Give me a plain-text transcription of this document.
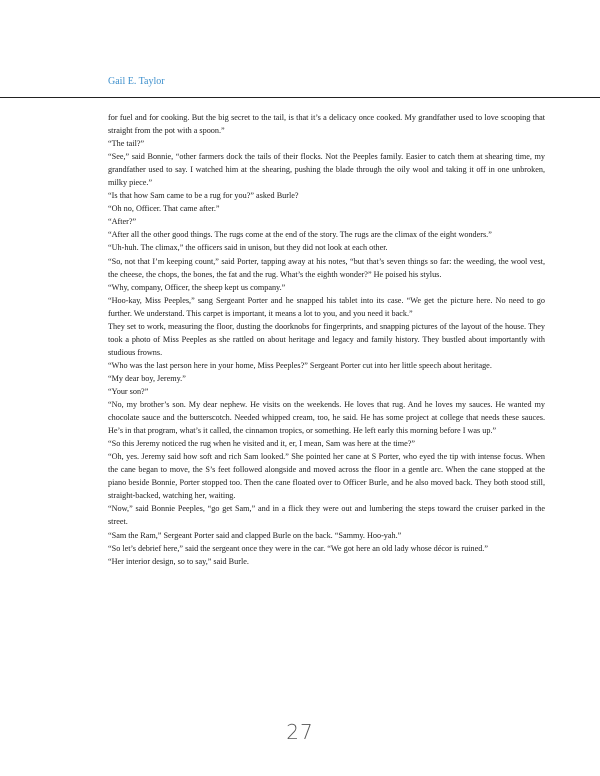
Gail E. Taylor

for fuel and for cooking. But the big secret to the tail, is that it’s a delicacy once cooked. My grandfather used to love scooping that straight from the pot with a spoon.”

“The tail?”

“See,” said Bonnie, “other farmers dock the tails of their flocks. Not the Peeples family. Easier to catch them at shearing time, my grandfather used to say. I watched him at the shearing, pushing the blade through the oily wool and taking it off in one unbroken, milky piece.”

“Is that how Sam came to be a rug for you?” asked Burle?

“Oh no, Officer. That came after.”

“After?”

“After all the other good things. The rugs come at the end of the story. The rugs are the climax of the eight wonders.”

“Uh-huh. The climax,” the officers said in unison, but they did not look at each other.

“So, not that I’m keeping count,” said Porter, tapping away at his notes, “but that’s seven things so far: the weeding, the wool vest, the cheese, the chops, the bones, the fat and the rug. What’s the eighth wonder?” He poised his stylus.

“Why, company, Officer, the sheep kept us company.”

“Hoo-kay, Miss Peeples,” sang Sergeant Porter and he snapped his tablet into its case. “We get the picture here. No need to go further. We understand. This carpet is important, it means a lot to you, and you need it back.”

They set to work, measuring the floor, dusting the doorknobs for fingerprints, and snapping pictures of the layout of the house. They took a photo of Miss Peeples as she rattled on about heritage and legacy and family history. They bustled about importantly with studious frowns.

“Who was the last person here in your home, Miss Peeples?” Sergeant Porter cut into her little speech about heritage.

“My dear boy, Jeremy.”

“Your son?”

“No, my brother’s son. My dear nephew. He visits on the weekends. He loves that rug. And he loves my sauces. He wanted my chocolate sauce and the butterscotch. Needed whipped cream, too, he said. He has some project at college that needs these sauces. He’s in that program, what’s it called, the cinnamon tropics, or something. He left early this morning before I was up.”

“So this Jeremy noticed the rug when he visited and it, er, I mean, Sam was here at the time?”

“Oh, yes. Jeremy said how soft and rich Sam looked.” She pointed her cane at S Porter, who eyed the tip with intense focus. When the cane began to move, the S’s feet followed alongside and moved across the floor in a gentle arc. When the cane stopped at the piano beside Bonnie, Porter stopped too. Then the cane floated over to Officer Burle, and he also moved back. They both stood still, straight-backed, watching her, waiting.

“Now,” said Bonnie Peeples, “go get Sam,” and in a flick they were out and lumbering the steps toward the cruiser parked in the street.

“Sam the Ram,” Sergeant Porter said and clapped Burle on the back. “Sammy. Hoo-yah.”

“So let’s debrief here,” said the sergeant once they were in the car. “We got here an old lady whose décor is ruined.”

“Her interior design, so to say,” said Burle.

27
